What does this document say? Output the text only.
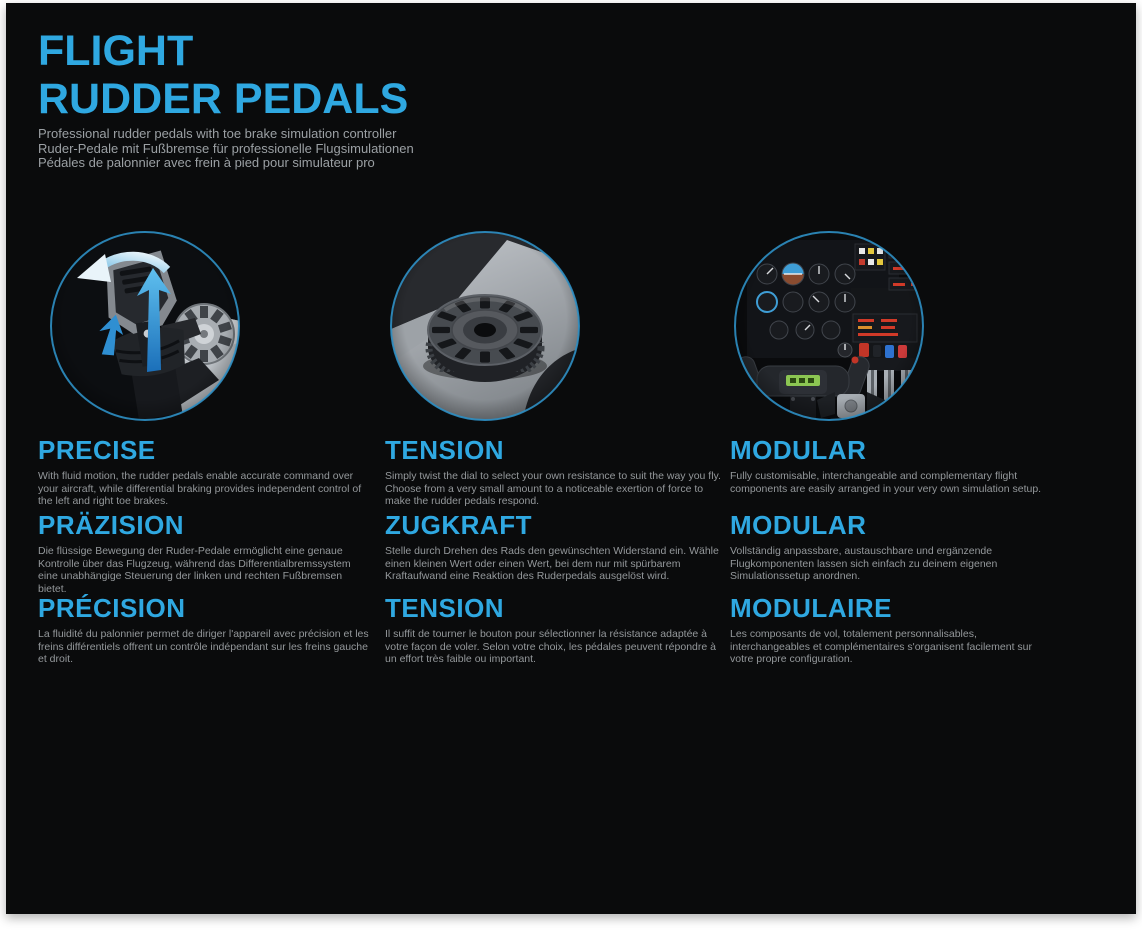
FLIGHT
RUDDER PEDALS

Professional rudder pedals with toe brake simulation controller

Ruder-Pedale mit Fußbremse für professionelle Flugsimulationen

Pédales de palonnier avec frein à pied pour simulateur pro

PRECISE

With fluid motion, the rudder pedals enable accurate command over your aircraft, while differential braking provides independent control of the left and right toe brakes.

PRÄZISION

Die flüssige Bewegung der Ruder-Pedale ermöglicht eine genaue Kontrolle über das Flugzeug, während das Differentialbremssystem eine unabhängige Steuerung der linken und rechten Fußbremsen bietet.

PRÉCISION

La fluidité du palonnier permet de diriger l'appareil avec précision et les freins différentiels offrent un contrôle indépendant sur les freins gauche et droit.

TENSION

Simply twist the dial to select your own resistance to suit the way you fly. Choose from a very small amount to a noticeable exertion of force to make the rudder pedals respond.

ZUGKRAFT

Stelle durch Drehen des Rads den gewünschten Widerstand ein. Wähle einen kleinen Wert oder einen Wert, bei dem nur mit spürbarem Kraftaufwand eine Reaktion des Ruderpedals ausgelöst wird.

TENSION

Il suffit de tourner le bouton pour sélectionner la résistance adaptée à votre façon de voler. Selon votre choix, les pédales peuvent répondre à un effort très faible ou important.

MODULAR

Fully customisable, interchangeable and complementary flight components are easily arranged in your very own simulation setup.

MODULAR

Vollständig anpassbare, austauschbare und ergänzende Flugkomponenten lassen sich einfach zu deinem eigenen Simulationssetup anordnen.

MODULAIRE

Les composants de vol, totalement personnalisables, interchangeables et complémentaires s'organisent facilement sur votre propre configuration.
